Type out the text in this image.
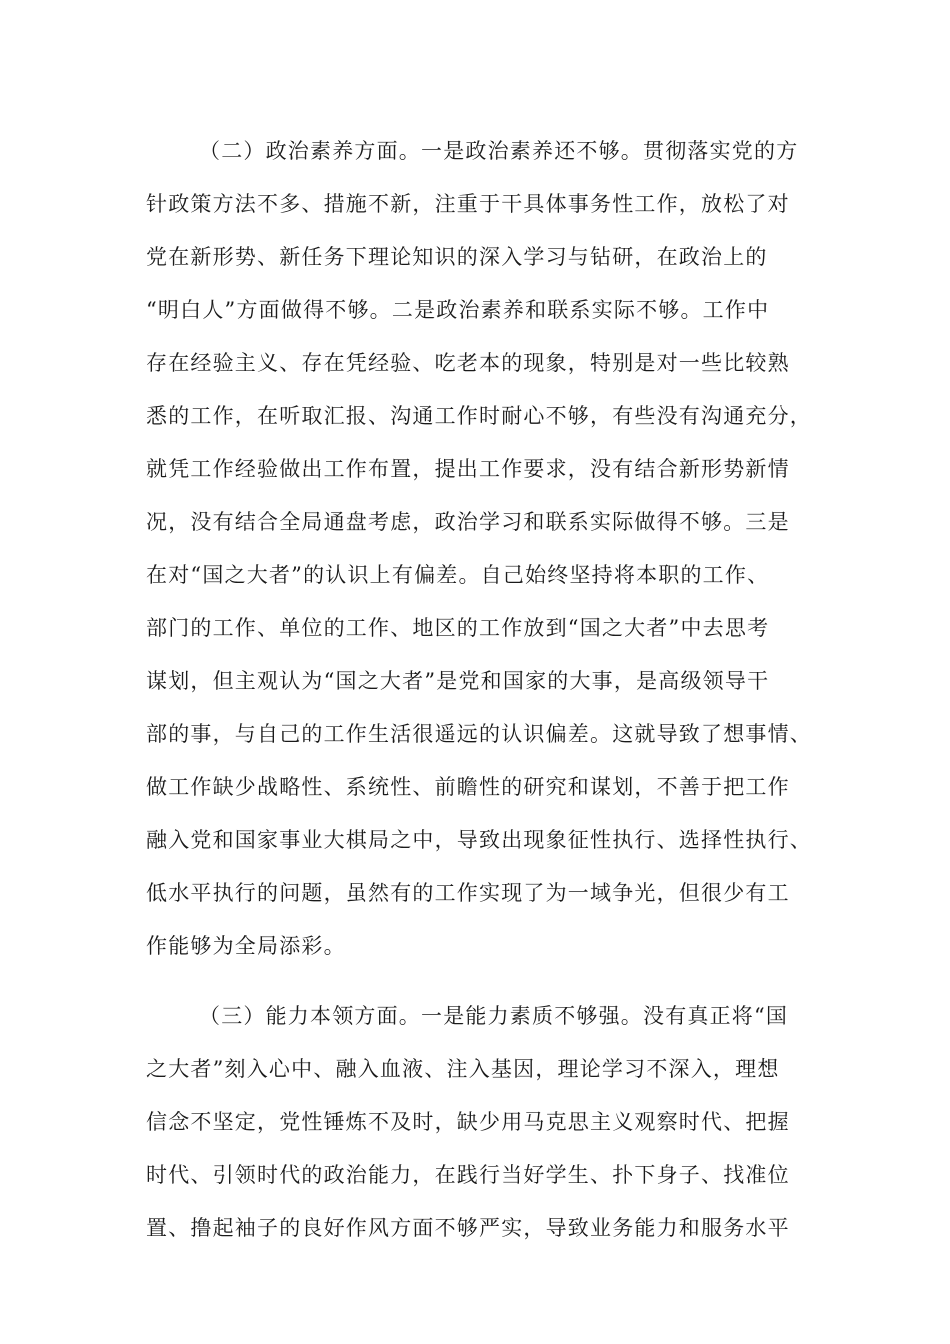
（二）政治素养方面。一是政治素养还不够。贯彻落实党的方
针政策方法不多、措施不新，注重于干具体事务性工作，放松了对
党在新形势、新任务下理论知识的深入学习与钻研，在政治上的
“明白人”方面做得不够。二是政治素养和联系实际不够。工作中
存在经验主义、存在凭经验、吃老本的现象，特别是对一些比较熟
悉的工作，在听取汇报、沟通工作时耐心不够，有些没有沟通充分，
就凭工作经验做出工作布置，提出工作要求，没有结合新形势新情
况，没有结合全局通盘考虑，政治学习和联系实际做得不够。三是
在对“国之大者”的认识上有偏差。自己始终坚持将本职的工作、
部门的工作、单位的工作、地区的工作放到“国之大者”中去思考
谋划，但主观认为“国之大者”是党和国家的大事，是高级领导干
部的事，与自己的工作生活很遥远的认识偏差。这就导致了想事情、
做工作缺少战略性、系统性、前瞻性的研究和谋划，不善于把工作
融入党和国家事业大棋局之中，导致出现象征性执行、选择性执行、
低水平执行的问题，虽然有的工作实现了为一域争光，但很少有工
作能够为全局添彩。
（三）能力本领方面。一是能力素质不够强。没有真正将“国
之大者”刻入心中、融入血液、注入基因，理论学习不深入，理想
信念不坚定，党性锤炼不及时，缺少用马克思主义观察时代、把握
时代、引领时代的政治能力，在践行当好学生、扑下身子、找准位
置、撸起袖子的良好作风方面不够严实，导致业务能力和服务水平
